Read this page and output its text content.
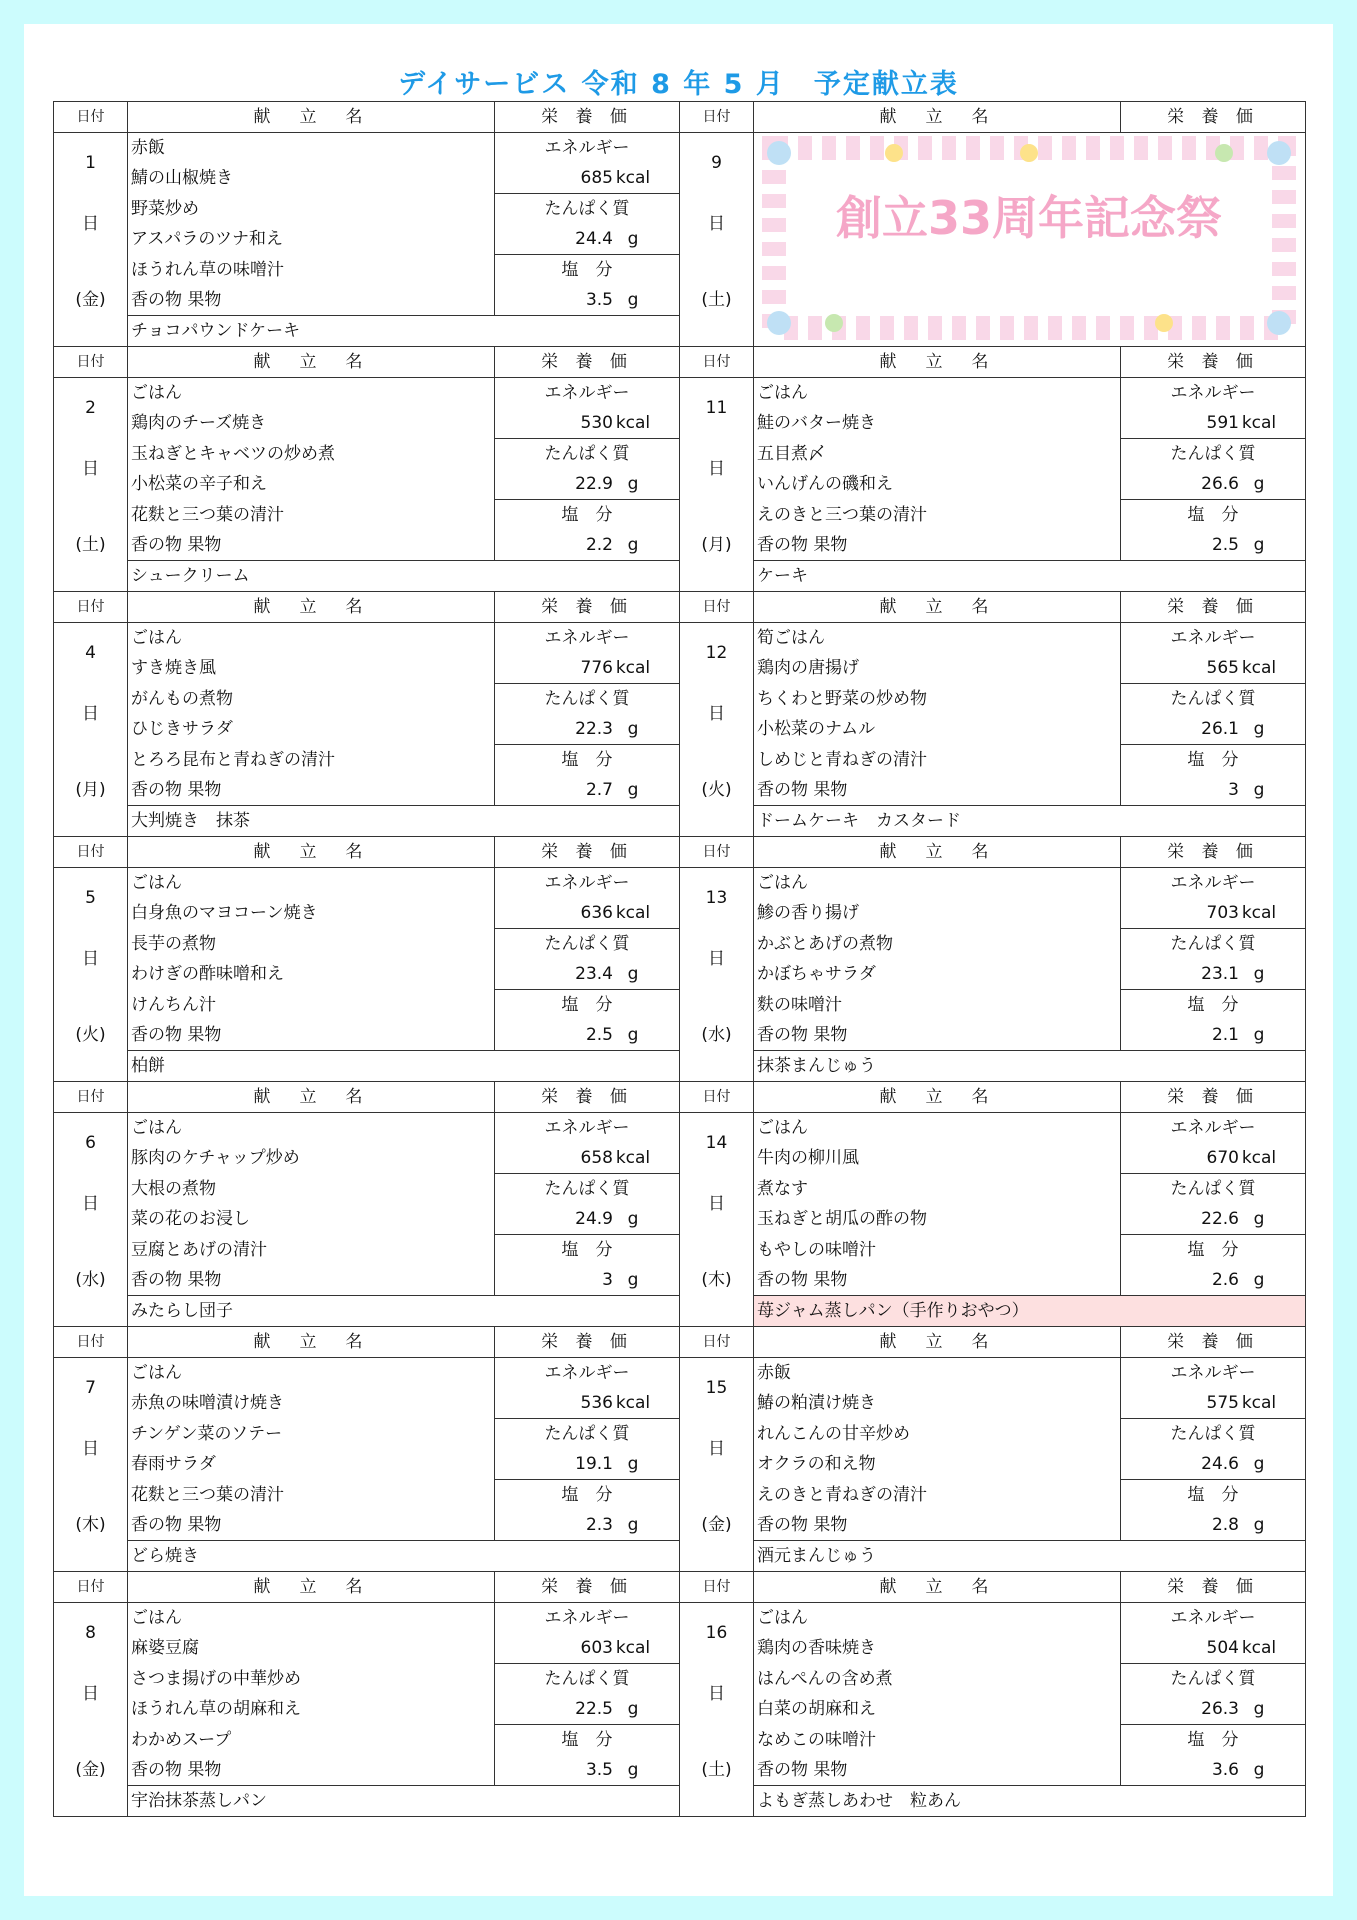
デイサービス 令和 8 年 5 月　予定献立表
日付	献　立　名	栄 養 価	日付	献　立　名	栄 養 価
1	赤飯	エネルギー	9	創立33周年記念祭	

	鯖の山椒焼き	685 kcal			
日	野菜炒め	たんぱく質	日		
	アスパラのツナ和え	24.4 g			
(金)	ほうれん草の味噌汁	塩　分	(土)		
	香の物 果物	3.5 g			
	チョコパウンドケーキ				
日付	献　立　名	栄 養 価	日付	献　立　名	栄 養 価
2	ごはん	エネルギー	11	ごはん	エネルギー
	鶏肉のチーズ焼き	530 kcal		鮭のバター焼き	591 kcal
日	玉ねぎとキャベツの炒め煮	たんぱく質	日	五目煮〆	たんぱく質
	小松菜の辛子和え	22.9 g		いんげんの磯和え	26.6 g
(土)	花麩と三つ葉の清汁	塩　分	(月)	えのきと三つ葉の清汁	塩　分
	香の物 果物	2.2 g		香の物 果物	2.5 g
	シュークリーム			ケーキ	
日付	献　立　名	栄 養 価	日付	献　立　名	栄 養 価
4	ごはん	エネルギー	12	筍ごはん	エネルギー
	すき焼き風	776 kcal		鶏肉の唐揚げ	565 kcal
日	がんもの煮物	たんぱく質	日	ちくわと野菜の炒め物	たんぱく質
	ひじきサラダ	22.3 g		小松菜のナムル	26.1 g
(月)	とろろ昆布と青ねぎの清汁	塩　分	(火)	しめじと青ねぎの清汁	塩　分
	香の物 果物	2.7 g		香の物 果物	3 g
	大判焼き　抹茶			ドームケーキ　カスタード	
日付	献　立　名	栄 養 価	日付	献　立　名	栄 養 価
5	ごはん	エネルギー	13	ごはん	エネルギー
	白身魚のマヨコーン焼き	636 kcal		鯵の香り揚げ	703 kcal
日	長芋の煮物	たんぱく質	日	かぶとあげの煮物	たんぱく質
	わけぎの酢味噌和え	23.4 g		かぼちゃサラダ	23.1 g
(火)	けんちん汁	塩　分	(水)	麩の味噌汁	塩　分
	香の物 果物	2.5 g		香の物 果物	2.1 g
	柏餅			抹茶まんじゅう	
日付	献　立　名	栄 養 価	日付	献　立　名	栄 養 価
6	ごはん	エネルギー	14	ごはん	エネルギー
	豚肉のケチャップ炒め	658 kcal		牛肉の柳川風	670 kcal
日	大根の煮物	たんぱく質	日	煮なす	たんぱく質
	菜の花のお浸し	24.9 g		玉ねぎと胡瓜の酢の物	22.6 g
(水)	豆腐とあげの清汁	塩　分	(木)	もやしの味噌汁	塩　分
	香の物 果物	3 g		香の物 果物	2.6 g
	みたらし団子			苺ジャム蒸しパン（手作りおやつ）	
日付	献　立　名	栄 養 価	日付	献　立　名	栄 養 価
7	ごはん	エネルギー	15	赤飯	エネルギー
	赤魚の味噌漬け焼き	536 kcal		鰆の粕漬け焼き	575 kcal
日	チンゲン菜のソテー	たんぱく質	日	れんこんの甘辛炒め	たんぱく質
	春雨サラダ	19.1 g		オクラの和え物	24.6 g
(木)	花麩と三つ葉の清汁	塩　分	(金)	えのきと青ねぎの清汁	塩　分
	香の物 果物	2.3 g		香の物 果物	2.8 g
	どら焼き			酒元まんじゅう	
日付	献　立　名	栄 養 価	日付	献　立　名	栄 養 価
8	ごはん	エネルギー	16	ごはん	エネルギー
	麻婆豆腐	603 kcal		鶏肉の香味焼き	504 kcal
日	さつま揚げの中華炒め	たんぱく質	日	はんぺんの含め煮	たんぱく質
	ほうれん草の胡麻和え	22.5 g		白菜の胡麻和え	26.3 g
(金)	わかめスープ	塩　分	(土)	なめこの味噌汁	塩　分
	香の物 果物	3.5 g		香の物 果物	3.6 g
	宇治抹茶蒸しパン			よもぎ蒸しあわせ　粒あん	
